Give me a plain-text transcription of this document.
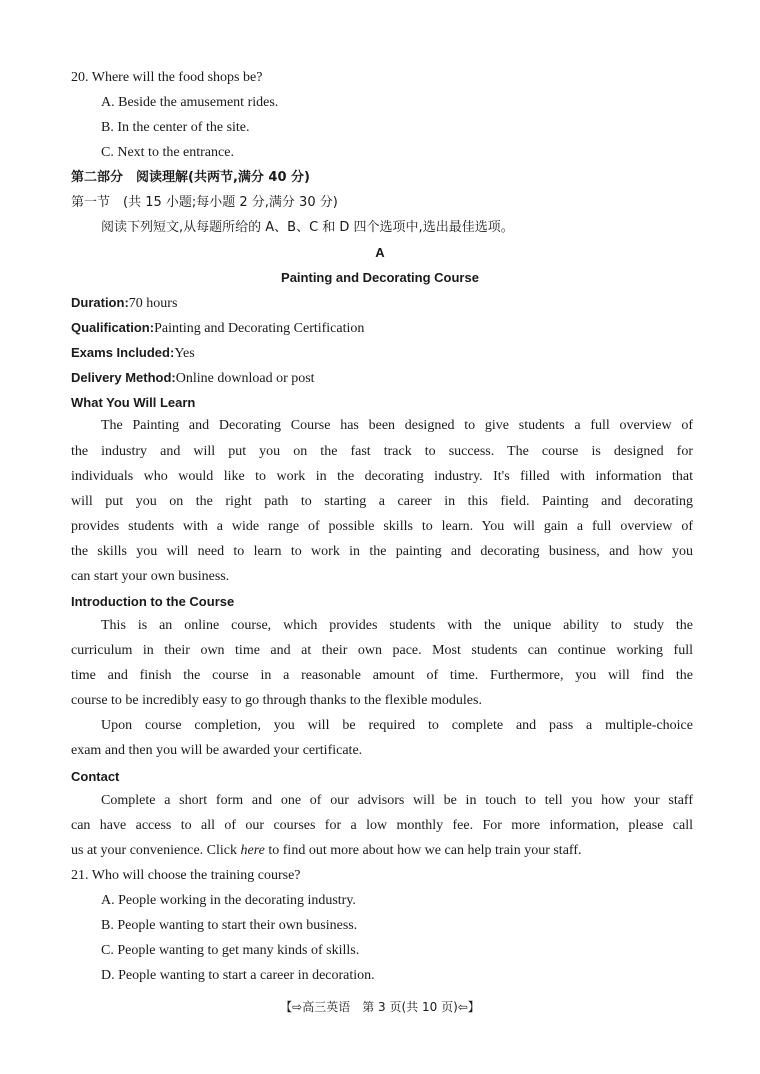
20. Where will the food shops be?
A. Beside the amusement rides.
B. In the center of the site.
C. Next to the entrance.
第二部分　阅读理解(共两节,满分 40 分)
第一节　(共 15 小题;每小题 2 分,满分 30 分)
阅读下列短文,从每题所给的 A、B、C 和 D 四个选项中,选出最佳选项。
A
Painting and Decorating Course
Duration:70 hours
Qualification:Painting and Decorating Certification
Exams Included:Yes
Delivery Method:Online download or post
What You Will Learn
The Painting and Decorating Course has been designed to give students a full overview of
the industry and will put you on the fast track to success. The course is designed for
individuals who would like to work in the decorating industry. It's filled with information that
will put you on the right path to starting a career in this field. Painting and decorating
provides students with a wide range of possible skills to learn. You will gain a full overview of
the skills you will need to learn to work in the painting and decorating business, and how you
can start your own business.
Introduction to the Course
This is an online course, which provides students with the unique ability to study the
curriculum in their own time and at their own pace. Most students can continue working full
time and finish the course in a reasonable amount of time. Furthermore, you will find the
course to be incredibly easy to go through thanks to the flexible modules.
Upon course completion, you will be required to complete and pass a multiple-choice
exam and then you will be awarded your certificate.
Contact
Complete a short form and one of our advisors will be in touch to tell you how your staff
can have access to all of our courses for a low monthly fee. For more information, please call
us at your convenience. Click here to find out more about how we can help train your staff.
21. Who will choose the training course?
A. People working in the decorating industry.
B. People wanting to start their own business.
C. People wanting to get many kinds of skills.
D. People wanting to start a career in decoration.
【⇨高三英语　第 3 页(共 10 页)⇦】
